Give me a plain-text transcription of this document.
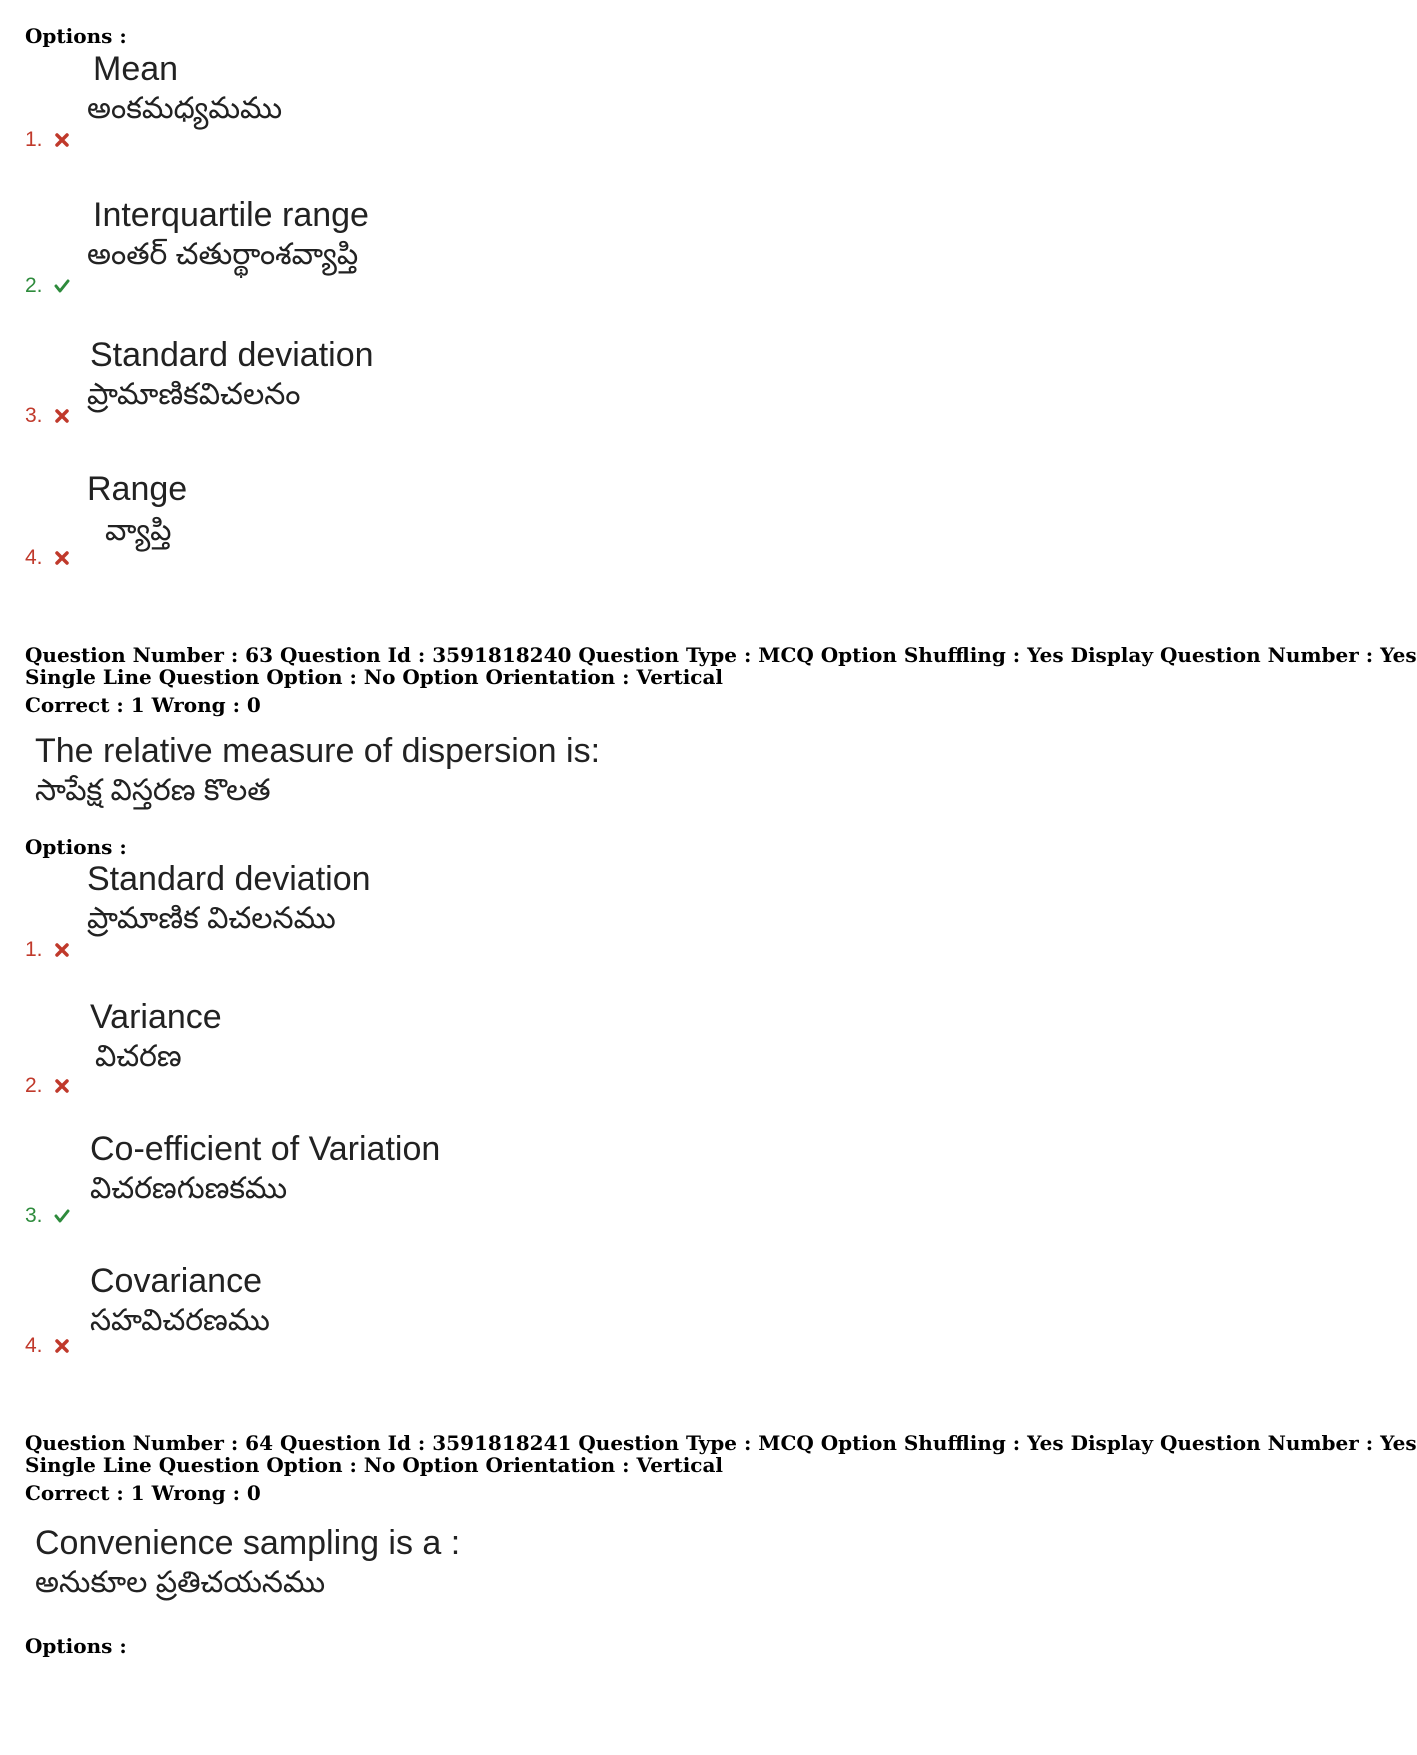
Options :
Mean
అంకమధ్యమము
1.
Interquartile range
అంతర్ చతుర్థాంశవ్యాప్తి
2.
Standard deviation
ప్రామాణికవిచలనం
3.
Range
వ్యాప్తి
4.
Question Number : 63 Question Id : 3591818240 Question Type : MCQ Option Shuffling : Yes Display Question Number : Yes
Single Line Question Option : No Option Orientation : Vertical
Correct : 1 Wrong : 0
The relative measure of dispersion is:
సాపేక్ష విస్తరణ కొలత
Options :
Standard deviation
ప్రామాణిక విచలనము
1.
Variance
విచరణ
2.
Co-efficient of Variation
విచరణగుణకము
3.
Covariance
సహవిచరణము
4.
Question Number : 64 Question Id : 3591818241 Question Type : MCQ Option Shuffling : Yes Display Question Number : Yes
Single Line Question Option : No Option Orientation : Vertical
Correct : 1 Wrong : 0
Convenience sampling is a :
అనుకూల ప్రతిచయనము
Options :
